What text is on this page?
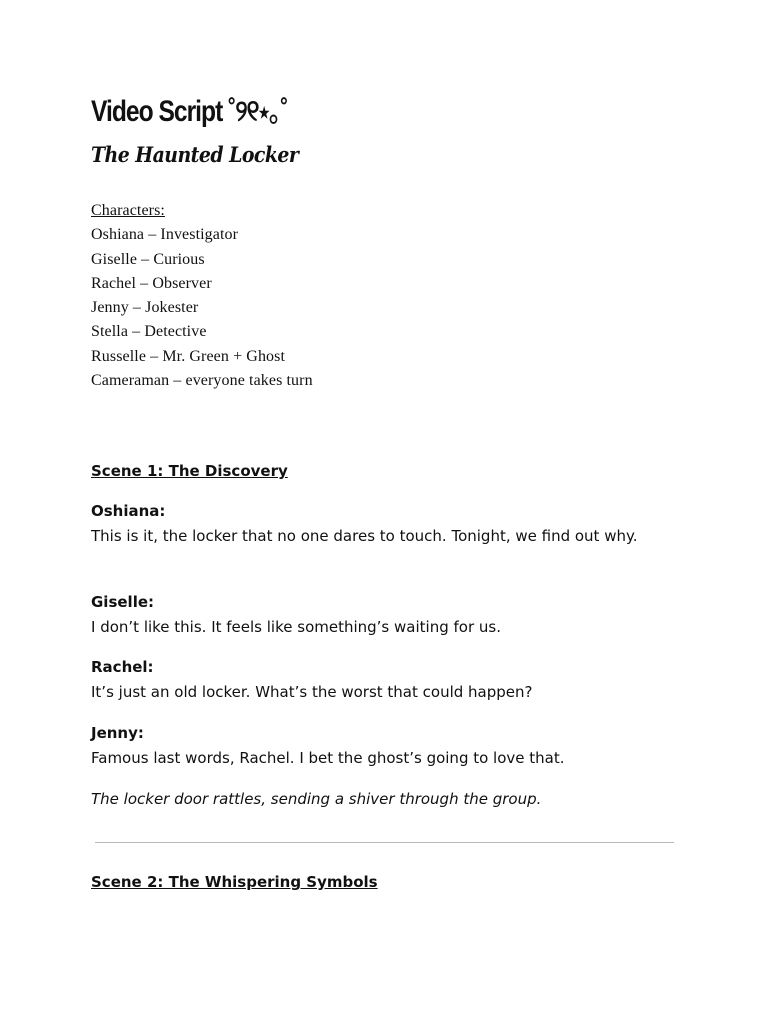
Video Script ˚୨୧⋆｡˚
The Haunted Locker
Characters:
Oshiana – Investigator
Giselle – Curious
Rachel – Observer
Jenny – Jokester
Stella – Detective
Russelle – Mr. Green + Ghost
Cameraman – everyone takes turn
Scene 1: The Discovery
Oshiana:
This is it, the locker that no one dares to touch. Tonight, we find out why.
Giselle:
I don’t like this. It feels like something’s waiting for us.
Rachel:
It’s just an old locker. What’s the worst that could happen?
Jenny:
Famous last words, Rachel. I bet the ghost’s going to love that.
The locker door rattles, sending a shiver through the group.
Scene 2: The Whispering Symbols
